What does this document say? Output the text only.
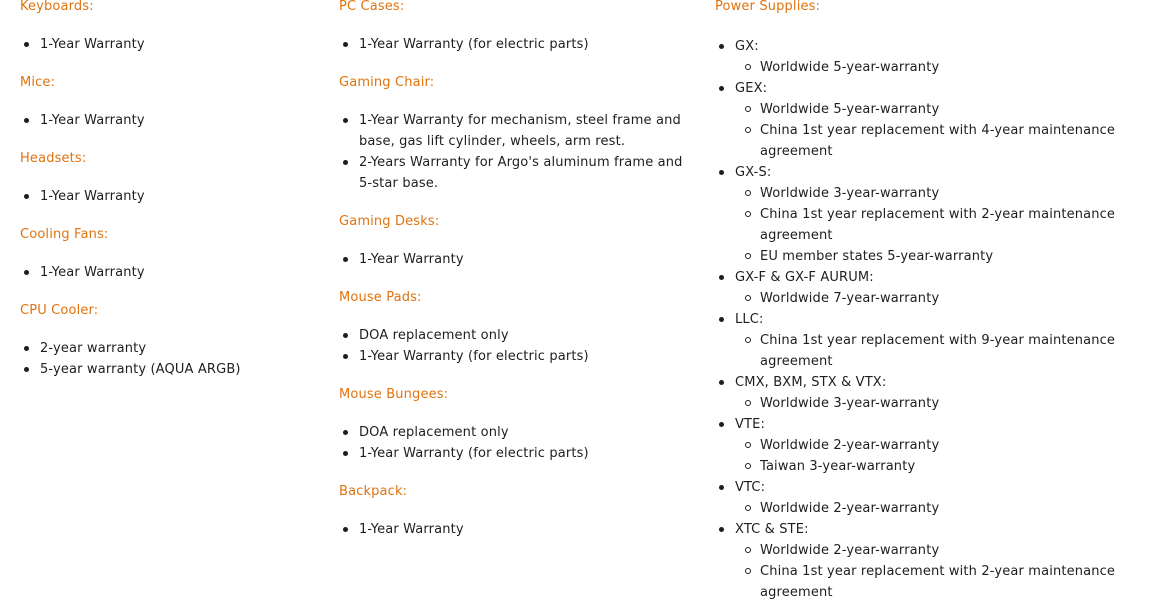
Keyboards:
1-Year Warranty
Mice:
1-Year Warranty
Headsets:
1-Year Warranty
Cooling Fans:
1-Year Warranty
CPU Cooler:
2-year warranty
5-year warranty (AQUA ARGB)
PC Cases:
1-Year Warranty (for electric parts)
Gaming Chair:
1-Year Warranty for mechanism, steel frame and base, gas lift cylinder, wheels, arm rest.
2-Years Warranty for Argo's aluminum frame and 5-star base.
Gaming Desks:
1-Year Warranty
Mouse Pads:
DOA replacement only
1-Year Warranty (for electric parts)
Mouse Bungees:
DOA replacement only
1-Year Warranty (for electric parts)
Backpack:
1-Year Warranty
Power Supplies:
GX:
Worldwide 5-year-warranty
GEX:
Worldwide 5-year-warranty
China 1st year replacement with 4-year maintenance agreement
GX-S:
Worldwide 3-year-warranty
China 1st year replacement with 2-year maintenance agreement
EU member states 5-year-warranty
GX-F & GX-F AURUM:
Worldwide 7-year-warranty
LLC:
China 1st year replacement with 9-year maintenance agreement
CMX, BXM, STX & VTX:
Worldwide 3-year-warranty
VTE:
Worldwide 2-year-warranty
Taiwan 3-year-warranty
VTC:
Worldwide 2-year-warranty
XTC & STE:
Worldwide 2-year-warranty
China 1st year replacement with 2-year maintenance agreement
